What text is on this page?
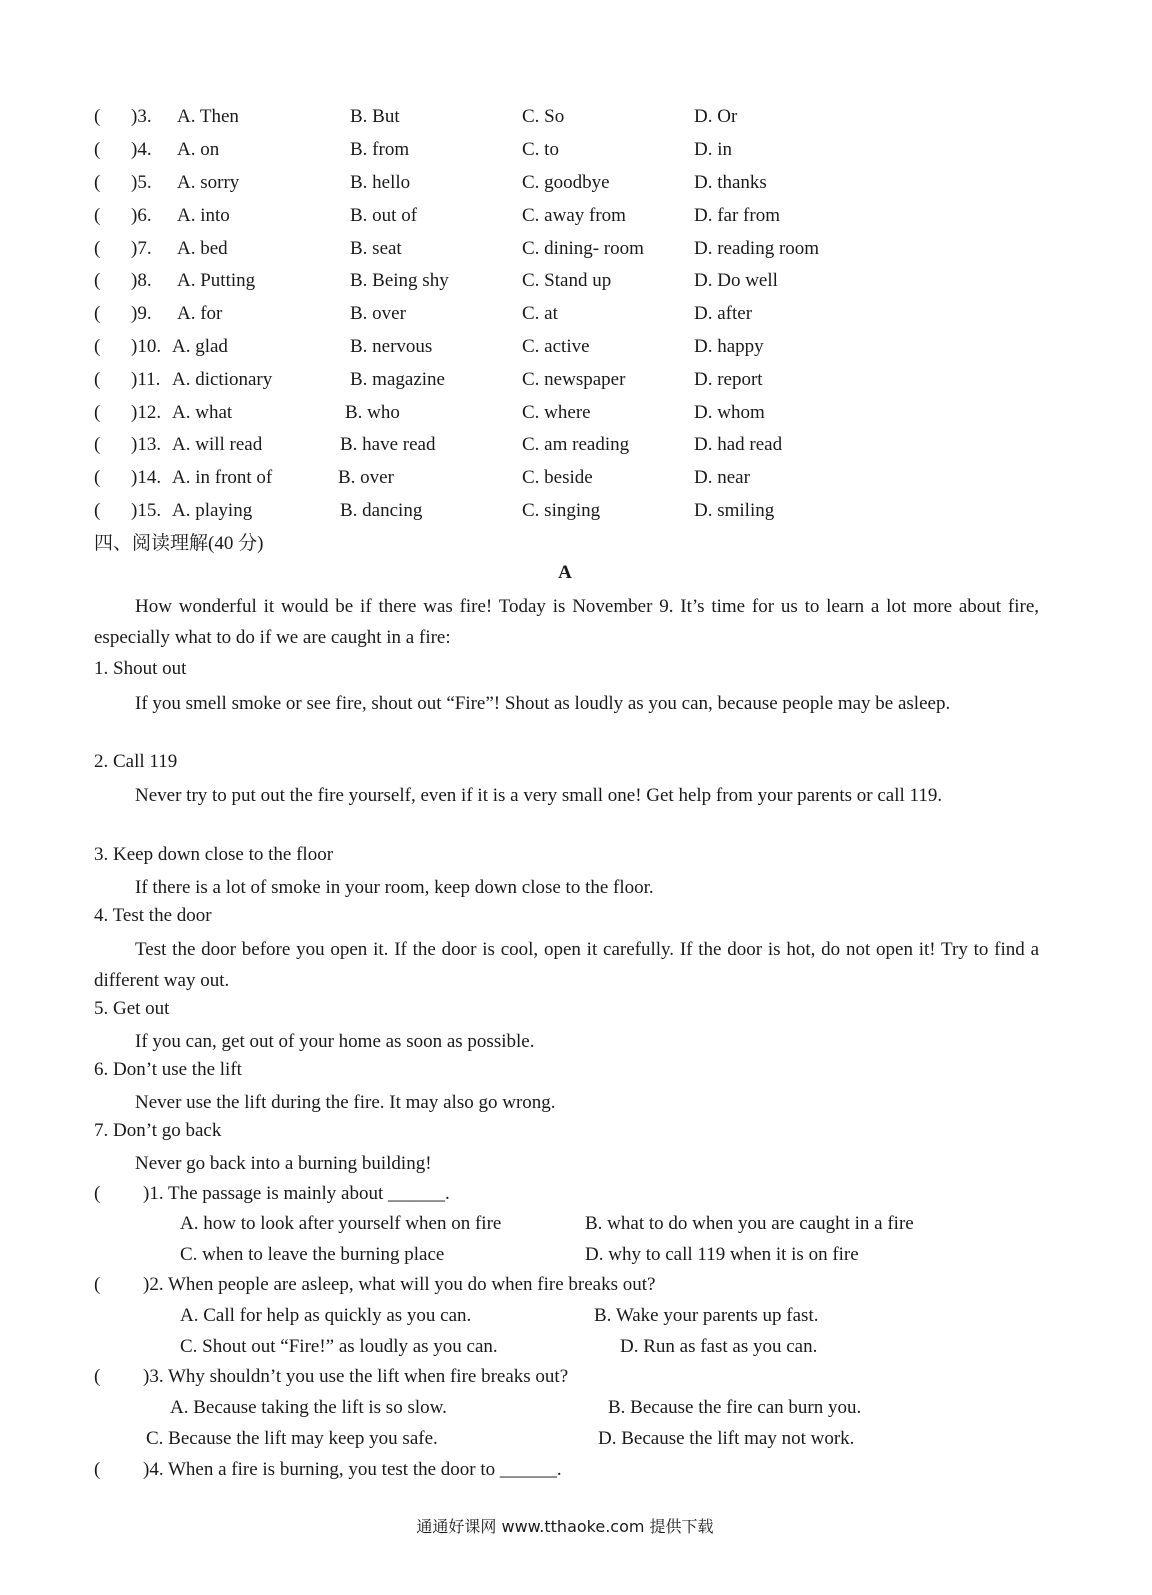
( )3. A. Then	B. But	C. So	D. Or
( )4. A. on	B. from	C. to	D. in
( )5. A. sorry	B. hello	C. goodbye	D. thanks
( )6. A. into	B. out of	C. away from	D. far from
( )7. A. bed	B. seat	C. dining- room	D. reading room
( )8. A. Putting	B. Being shy	C. Stand up	D. Do well
( )9. A. for	B. over	C. at	D. after
( )10. A. glad	B. nervous	C. active	D. happy
( )11. A. dictionary	B. magazine	C. newspaper	D. report
( )12. A. what	B. who	C. where	D. whom
( )13. A. will read	B. have read	C. am reading	D. had read
( )14. A. in front of	B. over	C. beside	D. near
( )15. A. playing	B. dancing	C. singing	D. smiling
四、阅读理解(40 分)
A
How wonderful it would be if there was fire! Today is November 9. It’s time for us to learn a lot more about fire, especially what to do if we are caught in a fire:
1. Shout out
If you smell smoke or see fire, shout out “Fire”! Shout as loudly as you can, because people may be asleep.
2. Call 119
Never try to put out the fire yourself, even if it is a very small one! Get help from your parents or call 119.
3. Keep down close to the floor
If there is a lot of smoke in your room, keep down close to the floor.
4. Test the door
Test the door before you open it. If the door is cool, open it carefully. If the door is hot, do not open it! Try to find a different way out.
5. Get out
If you can, get out of your home as soon as possible.
6. Don’t use the lift
Never use the lift during the fire. It may also go wrong.
7. Don’t go back
Never go back into a burning building!
( )1. The passage is mainly about ______.
A. how to look after yourself when on fire	B. what to do when you are caught in a fire
C. when to leave the burning place	D. why to call 119 when it is on fire
( )2. When people are asleep, what will you do when fire breaks out?
A. Call for help as quickly as you can.	B. Wake your parents up fast.
C. Shout out “Fire!” as loudly as you can.	D. Run as fast as you can.
( )3. Why shouldn’t you use the lift when fire breaks out?
A. Because taking the lift is so slow.	B. Because the fire can burn you.
C. Because the lift may keep you safe.	D. Because the lift may not work.
( )4. When a fire is burning, you test the door to ______.
通通好课网 www.tthaoke.com 提供下载
